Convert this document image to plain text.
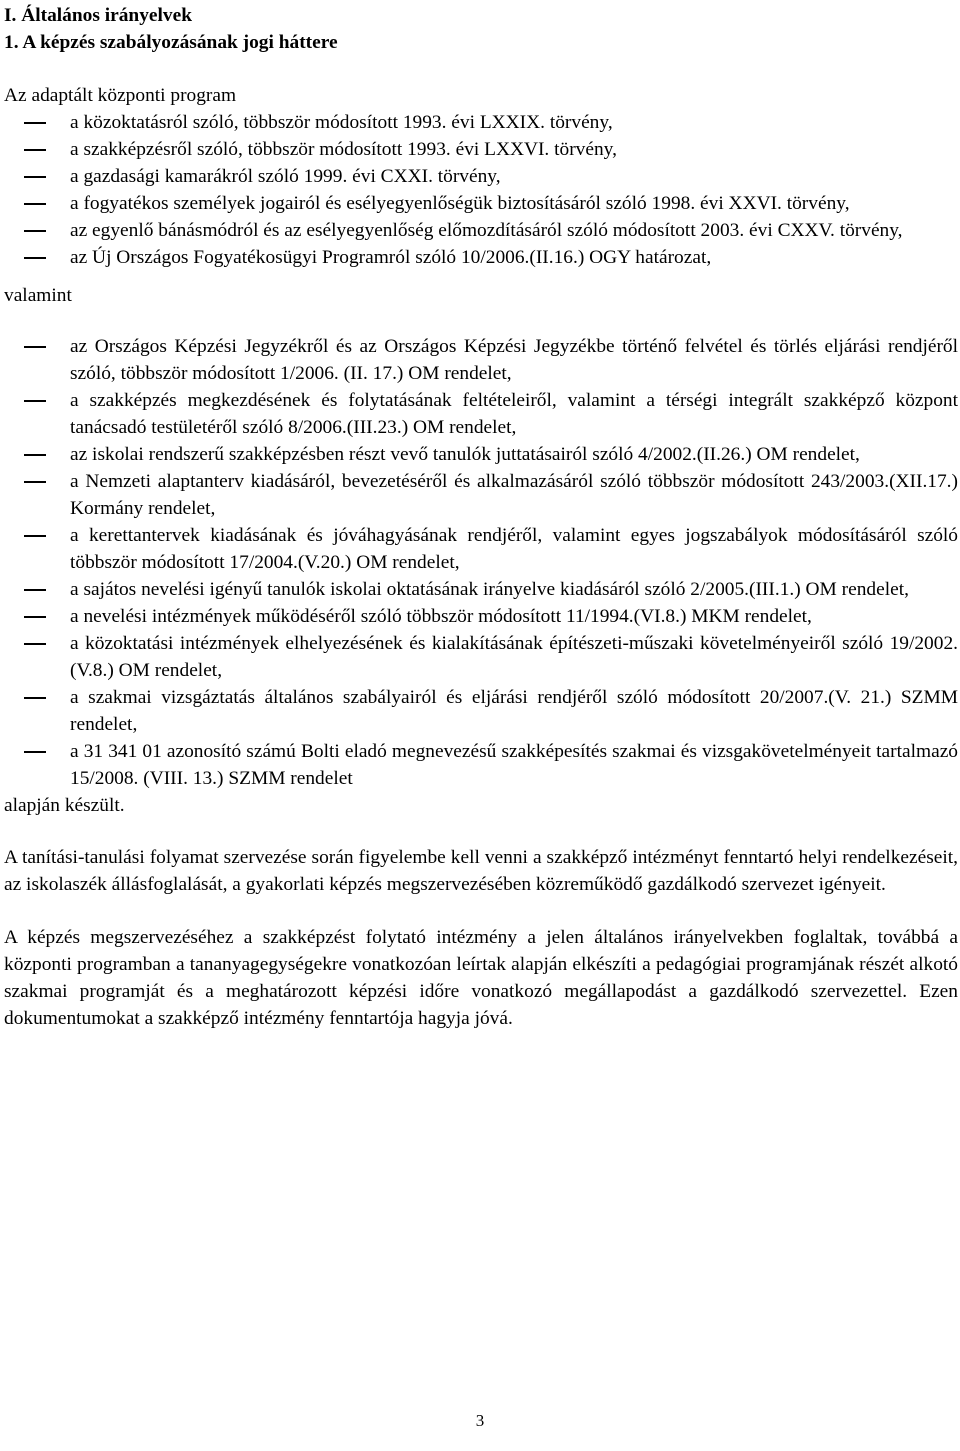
I. Általános irányelvek

1. A képzés szabályozásának jogi háttere

Az adaptált központi program

a közoktatásról szóló, többször módosított 1993. évi LXXIX. törvény,
a szakképzésről szóló, többször módosított 1993. évi LXXVI. törvény,
a gazdasági kamarákról szóló 1999. évi CXXI. törvény,
a fogyatékos személyek jogairól és esélyegyenlőségük biztosításáról szóló 1998. évi XXVI. törvény,
az egyenlő bánásmódról és az esélyegyenlőség előmozdításáról szóló módosított 2003. évi CXXV. törvény,
az Új Országos Fogyatékosügyi Programról szóló 10/2006.(II.16.) OGY határozat,

valamint

az Országos Képzési Jegyzékről és az Országos Képzési Jegyzékbe történő felvétel és törlés eljárási rendjéről szóló, többször módosított 1/2006. (II. 17.) OM rendelet,
a szakképzés megkezdésének és folytatásának feltételeiről, valamint a térségi integrált szakképző központ tanácsadó testületéről szóló 8/2006.(III.23.) OM rendelet,
az iskolai rendszerű szakképzésben részt vevő tanulók juttatásairól szóló 4/2002.(II.26.) OM rendelet,
a Nemzeti alaptanterv kiadásáról, bevezetéséről és alkalmazásáról szóló többször módosított 243/2003.(XII.17.) Kormány rendelet,
a kerettantervek kiadásának és jóváhagyásának rendjéről, valamint egyes jogszabályok módosításáról szóló többször módosított 17/2004.(V.20.) OM rendelet,
a sajátos nevelési igényű tanulók iskolai oktatásának irányelve kiadásáról szóló 2/2005.(III.1.) OM rendelet,
a nevelési intézmények működéséről szóló többször módosított 11/1994.(VI.8.) MKM rendelet,
a közoktatási intézmények elhelyezésének és kialakításának építészeti-műszaki követelményeiről szóló 19/2002.(V.8.) OM rendelet,
a szakmai vizsgáztatás általános szabályairól és eljárási rendjéről szóló módosított 20/2007.(V. 21.) SZMM rendelet,
a 31 341 01 azonosító számú Bolti eladó megnevezésű szakképesítés szakmai és vizsgakövetelményeit tartalmazó 15/2008. (VIII. 13.) SZMM rendelet

alapján készült.

A tanítási-tanulási folyamat szervezése során figyelembe kell venni a szakképző intézményt fenntartó helyi rendelkezéseit, az iskolaszék állásfoglalását, a gyakorlati képzés megszervezésében közreműködő gazdálkodó szervezet igényeit.

A képzés megszervezéséhez a szakképzést folytató intézmény a jelen általános irányelvekben foglaltak, továbbá a központi programban a tananyagegységekre vonatkozóan leírtak alapján elkészíti a pedagógiai programjának részét alkotó szakmai programját és a meghatározott képzési időre vonatkozó megállapodást a gazdálkodó szervezettel. Ezen dokumentumokat a szakképző intézmény fenntartója hagyja jóvá.

3
